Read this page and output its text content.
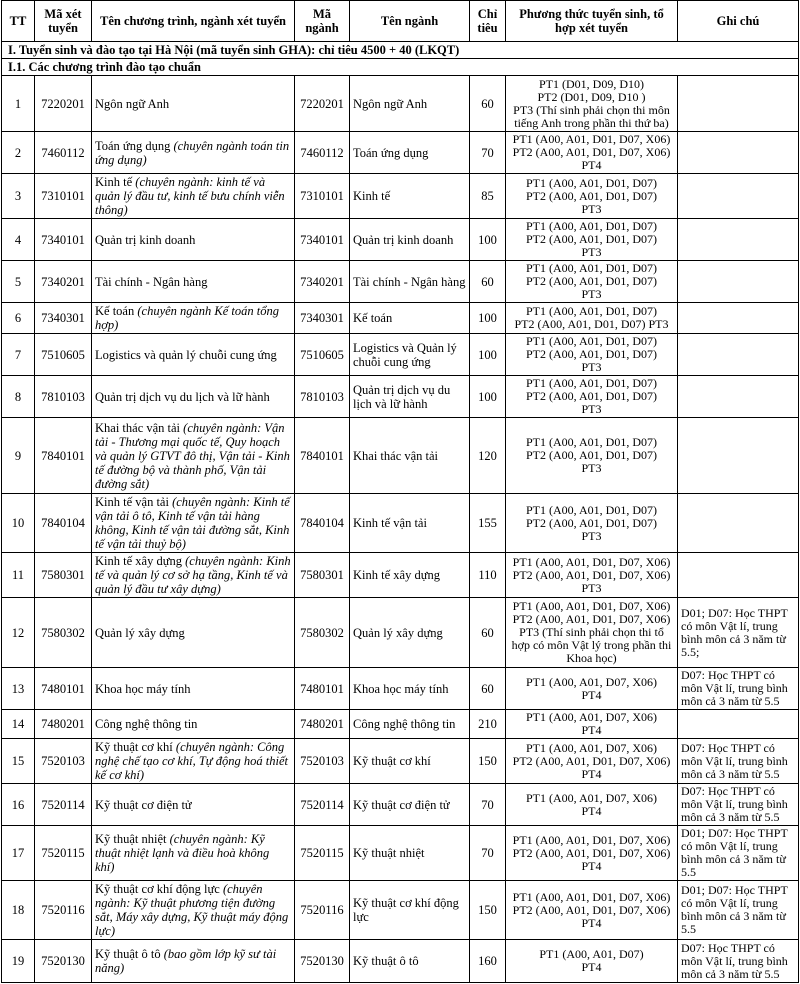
TT	Mã xét tuyển	Tên chương trình, ngành xét tuyển	Mã ngành	Tên ngành	Chỉ tiêu	Phương thức tuyển sinh, tổ hợp xét tuyển	Ghi chú
I. Tuyển sinh và đào tạo tại Hà Nội (mã tuyển sinh GHA): chỉ tiêu 4500 + 40 (LKQT)							
I.1. Các chương trình đào tạo chuẩn							
1	7220201	Ngôn ngữ Anh	7220201	Ngôn ngữ Anh	60	PT1 (D01, D09, D10)
PT2 (D01, D09, D10 )
PT3 (Thí sinh phải chọn thi môn tiếng Anh trong phần thi thứ ba)	
2	7460112	Toán ứng dụng (chuyên ngành toán tin ứng dụng)	7460112	Toán ứng dụng	70	PT1 (A00, A01, D01, D07, X06)
PT2 (A00, A01, D01, D07, X06)
PT4	
3	7310101	Kinh tế (chuyên ngành: kinh tế và quản lý đầu tư, kinh tế bưu chính viễn thông)	7310101	Kinh tế	85	PT1 (A00, A01, D01, D07)
PT2 (A00, A01, D01, D07)
PT3	
4	7340101	Quản trị kinh doanh	7340101	Quản trị kinh doanh	100	PT1 (A00, A01, D01, D07)
PT2 (A00, A01, D01, D07)
PT3	
5	7340201	Tài chính - Ngân hàng	7340201	Tài chính - Ngân hàng	60	PT1 (A00, A01, D01, D07)
PT2 (A00, A01, D01, D07)
PT3	
6	7340301	Kế toán (chuyên ngành Kế toán tổng hợp)	7340301	Kế toán	100	PT1 (A00, A01, D01, D07)
PT2 (A00, A01, D01, D07) PT3	
7	7510605	Logistics và quản lý chuỗi cung ứng	7510605	Logistics và Quản lý chuỗi cung ứng	100	PT1 (A00, A01, D01, D07)
PT2 (A00, A01, D01, D07)
PT3	
8	7810103	Quản trị dịch vụ du lịch và lữ hành	7810103	Quản trị dịch vụ du lịch và lữ hành	100	PT1 (A00, A01, D01, D07)
PT2 (A00, A01, D01, D07)
PT3	
9	7840101	Khai thác vận tải (chuyên ngành: Vận tải - Thương mại quốc tế, Quy hoạch và quản lý GTVT đô thị, Vận tải - Kinh tế đường bộ và thành phố, Vận tải đường sắt)	7840101	Khai thác vận tải	120	PT1 (A00, A01, D01, D07)
PT2 (A00, A01, D01, D07)
PT3	
10	7840104	Kinh tế vận tải (chuyên ngành: Kinh tế vận tải ô tô, Kinh tế vận tải hàng không, Kinh tế vận tải đường sắt, Kinh tế vận tải thuỷ bộ)	7840104	Kinh tế vận tải	155	PT1 (A00, A01, D01, D07)
PT2 (A00, A01, D01, D07)
PT3	
11	7580301	Kinh tế xây dựng (chuyên ngành: Kinh tế và quản lý cơ sở hạ tầng, Kinh tế và quản lý đầu tư xây dựng)	7580301	Kinh tế xây dựng	110	PT1 (A00, A01, D01, D07, X06)
PT2 (A00, A01, D01, D07, X06)
PT3	
12	7580302	Quản lý xây dựng	7580302	Quản lý xây dựng	60	PT1 (A00, A01, D01, D07, X06)
PT2 (A00, A01, D01, D07, X06)
PT3 (Thí sinh phải chọn thi tổ hợp có môn Vật lý trong phần thi Khoa học)	D01; D07: Học THPT có môn Vật lí, trung bình môn cả 3 năm từ 5.5;
13	7480101	Khoa học máy tính	7480101	Khoa học máy tính	60	PT1 (A00, A01, D07, X06)
PT4	D07: Học THPT có môn Vật lí, trung bình môn cả 3 năm từ 5.5
14	7480201	Công nghệ thông tin	7480201	Công nghệ thông tin	210	PT1 (A00, A01, D07, X06)
PT4	
15	7520103	Kỹ thuật cơ khí (chuyên ngành: Công nghệ chế tạo cơ khí, Tự động hoá thiết kế cơ khí)	7520103	Kỹ thuật cơ khí	150	PT1 (A00, A01, D07, X06)
PT2 (A00, A01, D01, D07, X06)
PT4	D07: Học THPT có môn Vật lí, trung bình môn cả 3 năm từ 5.5
16	7520114	Kỹ thuật cơ điện tử	7520114	Kỹ thuật cơ điện tử	70	PT1 (A00, A01, D07, X06)
PT4	D07: Học THPT có môn Vật lí, trung bình môn cả 3 năm từ 5.5
17	7520115	Kỹ thuật nhiệt (chuyên ngành: Kỹ thuật nhiệt lạnh và điều hoà không khí)	7520115	Kỹ thuật nhiệt	70	PT1 (A00, A01, D01, D07, X06)
PT2 (A00, A01, D01, D07, X06)
PT4	D01; D07: Học THPT có môn Vật lí, trung bình môn cả 3 năm từ 5.5
18	7520116	Kỹ thuật cơ khí động lực (chuyên ngành: Kỹ thuật phương tiện đường sắt, Máy xây dựng, Kỹ thuật máy động lực)	7520116	Kỹ thuật cơ khí động lực	150	PT1 (A00, A01, D01, D07, X06)
PT2 (A00, A01, D01, D07, X06)
PT4	D01; D07: Học THPT có môn Vật lí, trung bình môn cả 3 năm từ 5.5
19	7520130	Kỹ thuật ô tô (bao gồm lớp kỹ sư tài năng)	7520130	Kỹ thuật ô tô	160	PT1 (A00, A01, D07)
PT4	D07: Học THPT có môn Vật lí, trung bình môn cả 3 năm từ 5.5
